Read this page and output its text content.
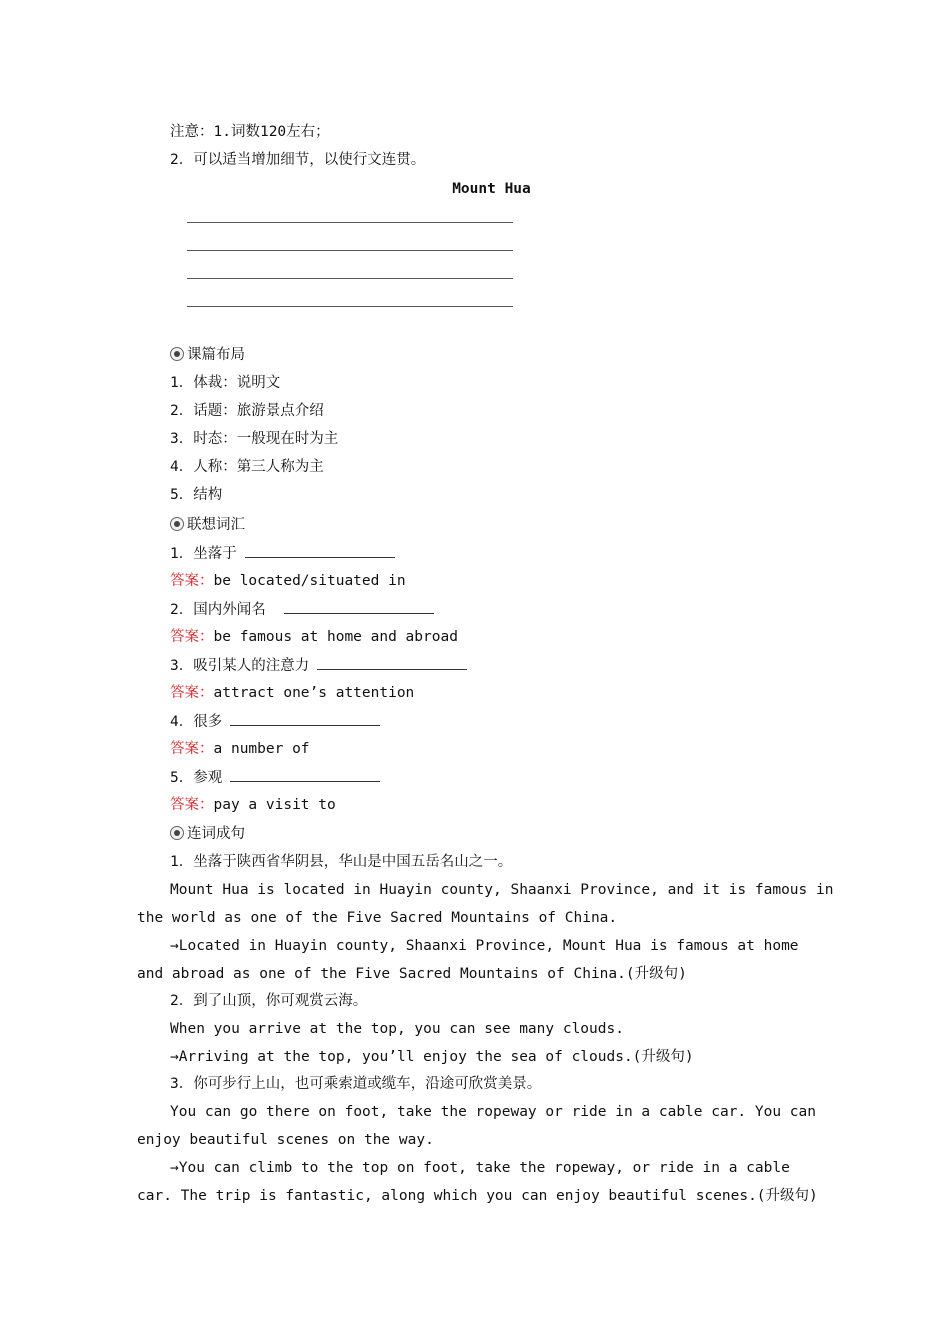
注意：1.词数120左右；
2．可以适当增加细节，以使行文连贯。
Mount Hua
课篇布局
1．体裁：说明文
2．话题：旅游景点介绍
3．时态：一般现在时为主
4．人称：第三人称为主
5．结构
联想词汇
1．坐落于
答案：be located/situated in
2．国内外闻名
答案：be famous at home and abroad
3．吸引某人的注意力
答案：attract one’s attention
4．很多
答案：a number of
5．参观
答案：pay a visit to
连词成句
1．坐落于陕西省华阴县，华山是中国五岳名山之一。
Mount Hua is located in Huayin county, Shaanxi Province, and it is famous in
the world as one of the Five Sacred Mountains of China.
→Located in Huayin county, Shaanxi Province, Mount Hua is famous at home
and abroad as one of the Five Sacred Mountains of China.(升级句)
2．到了山顶，你可观赏云海。
When you arrive at the top, you can see many clouds.
→Arriving at the top, you’ll enjoy the sea of clouds.(升级句)
3．你可步行上山，也可乘索道或缆车，沿途可欣赏美景。
You can go there on foot, take the ropeway or ride in a cable car. You can
enjoy beautiful scenes on the way.
→You can climb to the top on foot, take the ropeway, or ride in a cable
car. The trip is fantastic, along which you can enjoy beautiful scenes.(升级句)
